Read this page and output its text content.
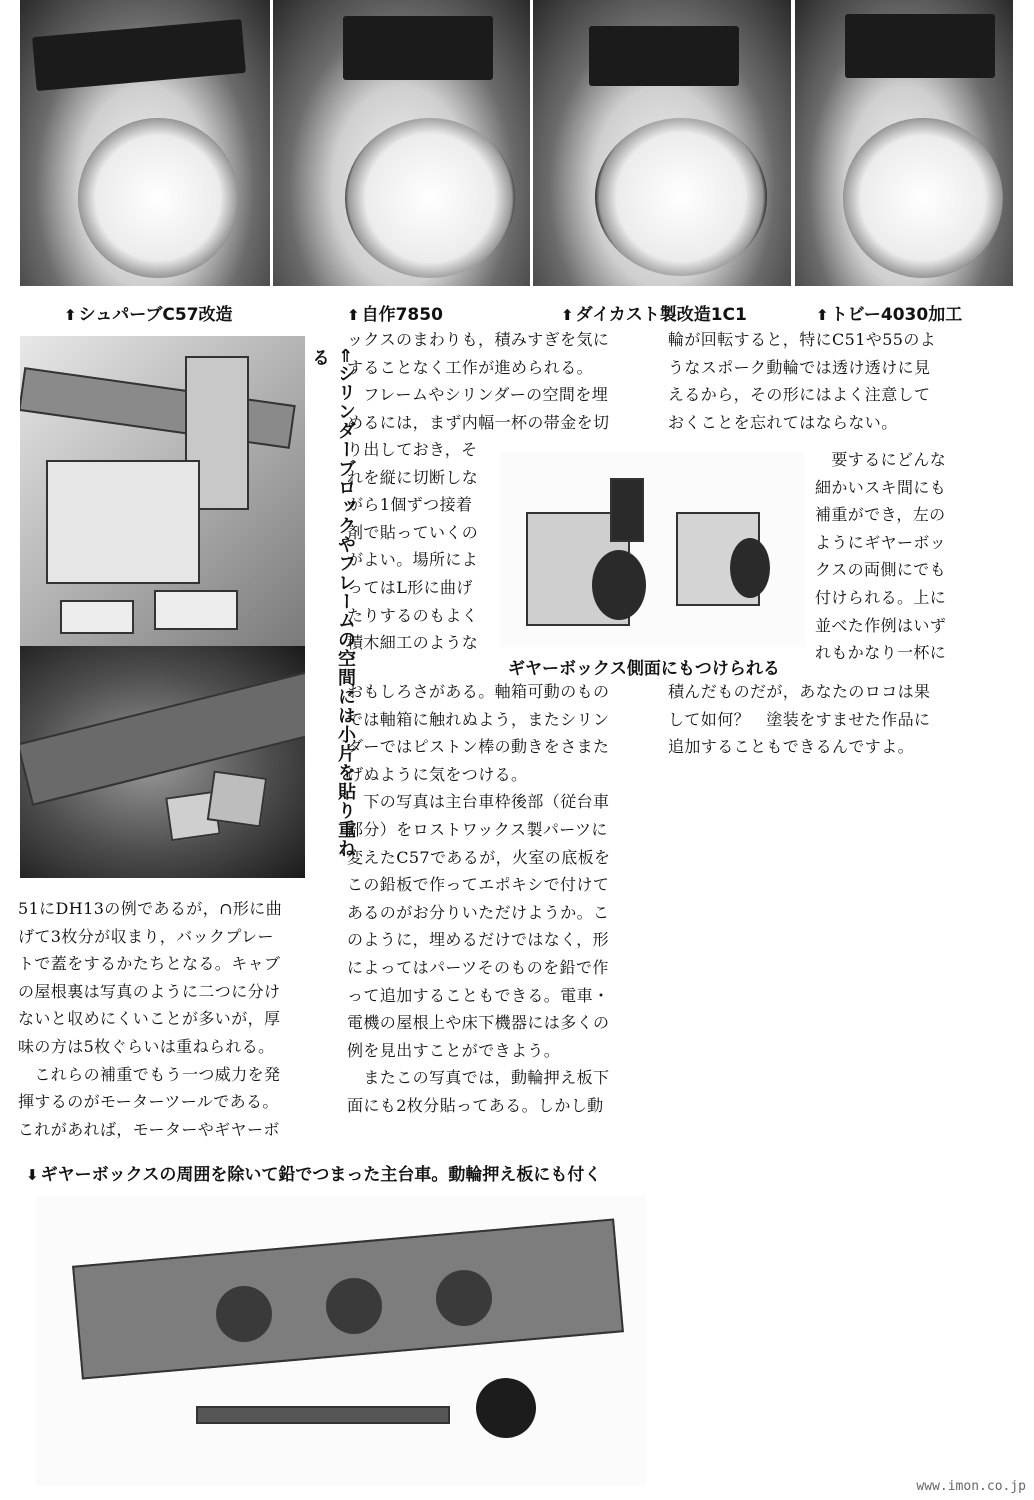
⬆ シュパーブC57改造	⬆ 自作7850	⬆ ダイカスト製改造1C1	⬆ トビー4030加工
⇐シリンダーブロックやフレームの空間には小片を貼り重ねる

51にDH13の例であるが，∩形に曲

げて3枚分が収まり，バックプレー

トで蓋をするかたちとなる。キャブ

の屋根裏は写真のように二つに分け

ないと収めにくいことが多いが，厚

味の方は5枚ぐらいは重ねられる。

　これらの補重でもう一つ威力を発

揮するのがモーターツールである。

これがあれば，モーターやギヤーボ

ックスのまわりも，積みすぎを気に

することなく工作が進められる。

　フレームやシリンダーの空間を埋

めるには，まず内幅一杯の帯金を切

り出しておき，そ

れを縦に切断しな

がら1個ずつ接着

剤で貼っていくの

がよい。場所によ

ってはL形に曲げ

たりするのもよく

積木細工のような

おもしろさがある。軸箱可動のもの

では軸箱に触れぬよう，またシリン

ダーではピストン棒の動きをさまた

げぬように気をつける。

　下の写真は主台車枠後部（従台車

部分）をロストワックス製パーツに

変えたC57であるが，火室の底板を

この鉛板で作ってエポキシで付けて

あるのがお分りいただけようか。こ

のように，埋めるだけではなく，形

によってはパーツそのものを鉛で作

って追加することもできる。電車・

電機の屋根上や床下機器には多くの

例を見出すことができよう。

　またこの写真では，動輪押え板下

面にも2枚分貼ってある。しかし動

ギヤーボックス側面にもつけられる

輪が回転すると，特にC51や55のよ

うなスポーク動輪では透け透けに見

えるから，その形にはよく注意して

おくことを忘れてはならない。

　要するにどんな

細かいスキ間にも

補重ができ，左の

ようにギヤーボッ

クスの両側にでも

付けられる。上に

並べた作例はいず

れもかなり一杯に

積んだものだが，あなたのロコは果

して如何？　塗装をすませた作品に

追加することもできるんですよ。

⬇ ギヤーボックスの周囲を除いて鉛でつまった主台車。動輪押え板にも付く
www.imon.co.jp
